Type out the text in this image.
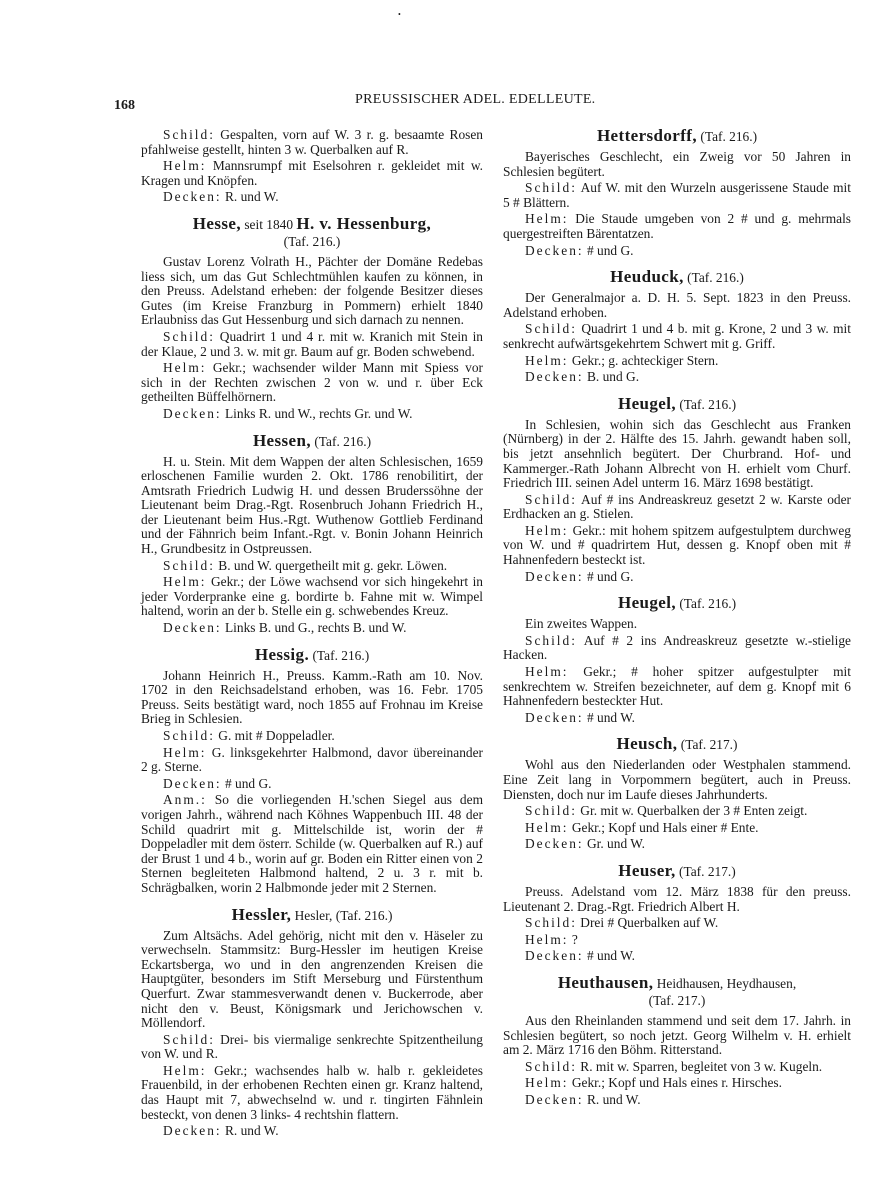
•
168	PREUSSISCHER ADEL. EDELLEUTE.

Schild: Gespalten, vorn auf W. 3 r. g. besaamte Rosen pfahlweise gestellt, hinten 3 w. Querbalken auf R.

Helm: Mannsrumpf mit Eselsohren r. gekleidet mit w. Kragen und Knöpfen.

Decken: R. und W.

Hesse, seit 1840 H. v. Hessenburg,
(Taf. 216.)

Gustav Lorenz Volrath H., Pächter der Domäne Redebas liess sich, um das Gut Schlechtmühlen kaufen zu können, in den Preuss. Adelstand erheben: der folgende Besitzer dieses Gutes (im Kreise Franzburg in Pommern) erhielt 1840 Erlaubniss das Gut Hessenburg und sich darnach zu nennen.

Schild: Quadrirt 1 und 4 r. mit w. Kranich mit Stein in der Klaue, 2 und 3. w. mit gr. Baum auf gr. Boden schwebend.

Helm: Gekr.; wachsender wilder Mann mit Spiess vor sich in der Rechten zwischen 2 von w. und r. über Eck getheilten Büffelhörnern.

Decken: Links R. und W., rechts Gr. und W.

Hessen, (Taf. 216.)

H. u. Stein. Mit dem Wappen der alten Schlesischen, 1659 erloschenen Familie wurden 2. Okt. 1786 renobilitirt, der Amtsrath Friedrich Ludwig H. und dessen Bruderssöhne der Lieutenant beim Drag.-Rgt. Rosenbruch Johann Friedrich H., der Lieutenant beim Hus.-Rgt. Wuthenow Gottlieb Ferdinand und der Fähnrich beim Infant.-Rgt. v. Bonin Johann Heinrich H., Grundbesitz in Ostpreussen.

Schild: B. und W. quergetheilt mit g. gekr. Löwen.

Helm: Gekr.; der Löwe wachsend vor sich hingekehrt in jeder Vorderpranke eine g. bordirte b. Fahne mit w. Wimpel haltend, worin an der b. Stelle ein g. schwebendes Kreuz.

Decken: Links B. und G., rechts B. und W.

Hessig. (Taf. 216.)

Johann Heinrich H., Preuss. Kamm.-Rath am 10. Nov. 1702 in den Reichsadelstand erhoben, was 16. Febr. 1705 Preuss. Seits bestätigt ward, noch 1855 auf Frohnau im Kreise Brieg in Schlesien.

Schild: G. mit # Doppeladler.

Helm: G. linksgekehrter Halbmond, davor übereinander 2 g. Sterne.

Decken: # und G.

Anm.: So die vorliegenden H.'schen Siegel aus dem vorigen Jahrh., während nach Köhnes Wappenbuch III. 48 der Schild quadrirt mit g. Mittelschilde ist, worin der # Doppeladler mit dem österr. Schilde (w. Querbalken auf R.) auf der Brust 1 und 4 b., worin auf gr. Boden ein Ritter einen von 2 Sternen begleiteten Halbmond haltend, 2 u. 3 r. mit b. Schrägbalken, worin 2 Halbmonde jeder mit 2 Sternen.

Hessler, Hesler, (Taf. 216.)

Zum Altsächs. Adel gehörig, nicht mit den v. Häseler zu verwechseln. Stammsitz: Burg-Hessler im heutigen Kreise Eckartsberga, wo und in den angrenzenden Kreisen die Hauptgüter, besonders im Stift Merseburg und Fürstenthum Querfurt. Zwar stammesverwandt denen v. Buckerrode, aber nicht den v. Beust, Königsmark und Jerichowschen v. Möllendorf.

Schild: Drei- bis viermalige senkrechte Spitzentheilung von W. und R.

Helm: Gekr.; wachsendes halb w. halb r. gekleidetes Frauenbild, in der erhobenen Rechten einen gr. Kranz haltend, das Haupt mit 7, abwechselnd w. und r. tingirten Fähnlein besteckt, von denen 3 links- 4 rechtshin flattern.

Decken: R. und W.

Hettersdorff, (Taf. 216.)

Bayerisches Geschlecht, ein Zweig vor 50 Jahren in Schlesien begütert.

Schild: Auf W. mit den Wurzeln ausgerissene Staude mit 5 # Blättern.

Helm: Die Staude umgeben von 2 # und g. mehrmals quergestreiften Bärentatzen.

Decken: # und G.

Heuduck, (Taf. 216.)

Der Generalmajor a. D. H. 5. Sept. 1823 in den Preuss. Adelstand erhoben.

Schild: Quadrirt 1 und 4 b. mit g. Krone, 2 und 3 w. mit senkrecht aufwärtsgekehrtem Schwert mit g. Griff.

Helm: Gekr.; g. achteckiger Stern.

Decken: B. und G.

Heugel, (Taf. 216.)

In Schlesien, wohin sich das Geschlecht aus Franken (Nürnberg) in der 2. Hälfte des 15. Jahrh. gewandt haben soll, bis jetzt ansehnlich begütert. Der Churbrand. Hof- und Kammerger.-Rath Johann Albrecht von H. erhielt vom Churf. Friedrich III. seinen Adel unterm 16. März 1698 bestätigt.

Schild: Auf # ins Andreaskreuz gesetzt 2 w. Karste oder Erdhacken an g. Stielen.

Helm: Gekr.: mit hohem spitzem aufgestulptem durchweg von W. und # quadrirtem Hut, dessen g. Knopf oben mit # Hahnenfedern besteckt ist.

Decken: # und G.

Heugel, (Taf. 216.)

Ein zweites Wappen.

Schild: Auf # 2 ins Andreaskreuz gesetzte w.-stielige Hacken.

Helm: Gekr.; # hoher spitzer aufgestulpter mit senkrechtem w. Streifen bezeichneter, auf dem g. Knopf mit 6 Hahnenfedern besteckter Hut.

Decken: # und W.

Heusch, (Taf. 217.)

Wohl aus den Niederlanden oder Westphalen stammend. Eine Zeit lang in Vorpommern begütert, auch in Preuss. Diensten, doch nur im Laufe dieses Jahrhunderts.

Schild: Gr. mit w. Querbalken der 3 # Enten zeigt.

Helm: Gekr.; Kopf und Hals einer # Ente.

Decken: Gr. und W.

Heuser, (Taf. 217.)

Preuss. Adelstand vom 12. März 1838 für den preuss. Lieutenant 2. Drag.-Rgt. Friedrich Albert H.

Schild: Drei # Querbalken auf W.

Helm: ?

Decken: # und W.

Heuthausen, Heidhausen, Heydhausen,
(Taf. 217.)

Aus den Rheinlanden stammend und seit dem 17. Jahrh. in Schlesien begütert, so noch jetzt. Georg Wilhelm v. H. erhielt am 2. März 1716 den Böhm. Ritterstand.

Schild: R. mit w. Sparren, begleitet von 3 w. Kugeln.

Helm: Gekr.; Kopf und Hals eines r. Hirsches.

Decken: R. und W.
